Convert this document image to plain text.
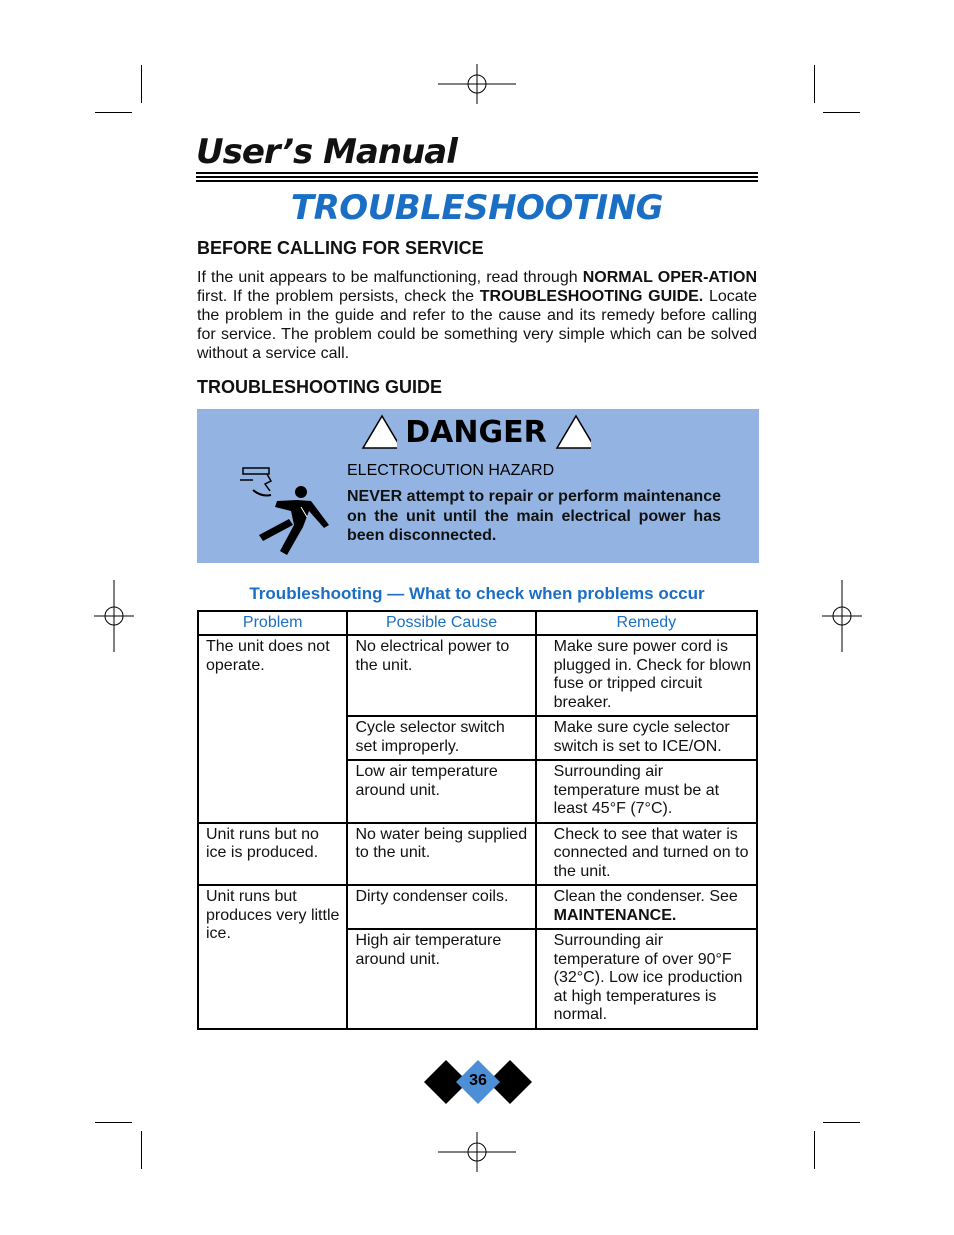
User’s Manual
TROUBLESHOOTING
BEFORE CALLING FOR SERVICE
If the unit appears to be malfunctioning, read through NORMAL OPER-ATION first. If the problem persists, check the TROUBLESHOOTING GUIDE. Locate the problem in the guide and refer to the cause and its remedy before calling for service. The problem could be something very simple which can be solved without a service call.
TROUBLESHOOTING GUIDE
DANGER
ELECTROCUTION HAZARD
NEVER attempt to repair or perform maintenance on the unit until the main electrical power has been disconnected.
Troubleshooting — What to check when problems occur
Problem	Possible Cause	Remedy

The unit does not operate.	No electrical power to the unit.	Make sure power cord is plugged in. Check for blown fuse or tripped circuit breaker.

	Cycle selector switch set improperly.	Make sure cycle selector switch is set to ICE/ON.

	Low air temperature around unit.	Surrounding air temperature must be at least 45°F (7°C).

Unit runs but no ice is produced.	No water being supplied to the unit.	Check to see that water is connected and turned on to the unit.

Unit runs but produces very little ice.	Dirty condenser coils.	Clean the condenser. See MAINTENANCE.

	High air temperature around unit.	Surrounding air temperature of over 90°F (32°C). Low ice production at high temperatures is normal.
36
